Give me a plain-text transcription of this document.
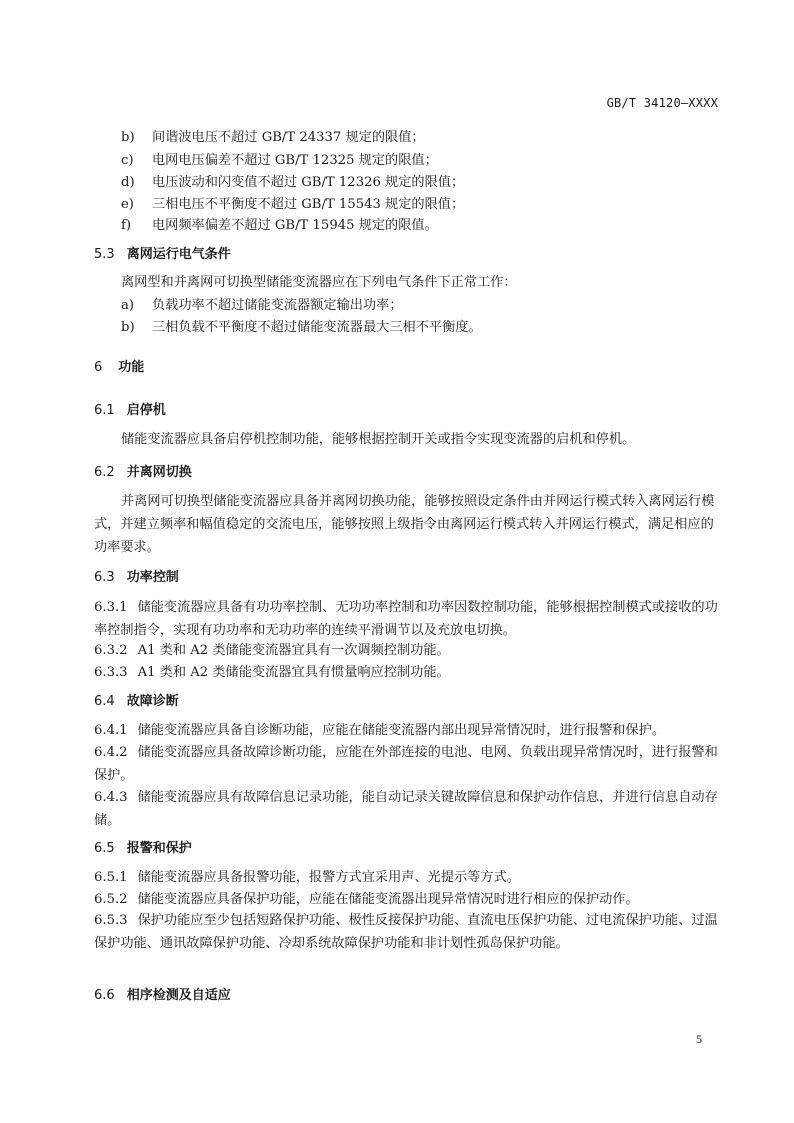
GB/T 34120—XXXX
b) 间谐波电压不超过 GB/T 24337 规定的限值；
c) 电网电压偏差不超过 GB/T 12325 规定的限值；
d) 电压波动和闪变值不超过 GB/T 12326 规定的限值；
e) 三相电压不平衡度不超过 GB/T 15543 规定的限值；
f) 电网频率偏差不超过 GB/T 15945 规定的限值。
5.3 离网运行电气条件
离网型和并离网可切换型储能变流器应在下列电气条件下正常工作：
a) 负载功率不超过储能变流器额定输出功率；
b) 三相负载不平衡度不超过储能变流器最大三相不平衡度。
6 功能
6.1 启停机
储能变流器应具备启停机控制功能，能够根据控制开关或指令实现变流器的启机和停机。
6.2 并离网切换
并离网可切换型储能变流器应具备并离网切换功能，能够按照设定条件由并网运行模式转入离网运行模式，并建立频率和幅值稳定的交流电压，能够按照上级指令由离网运行模式转入并网运行模式，满足相应的功率要求。
6.3 功率控制
6.3.1 储能变流器应具备有功功率控制、无功功率控制和功率因数控制功能，能够根据控制模式或接收的功率控制指令，实现有功功率和无功功率的连续平滑调节以及充放电切换。
6.3.2 A1 类和 A2 类储能变流器宜具有一次调频控制功能。
6.3.3 A1 类和 A2 类储能变流器宜具有惯量响应控制功能。
6.4 故障诊断
6.4.1 储能变流器应具备自诊断功能，应能在储能变流器内部出现异常情况时，进行报警和保护。
6.4.2 储能变流器应具备故障诊断功能，应能在外部连接的电池、电网、负载出现异常情况时，进行报警和保护。
6.4.3 储能变流器应具有故障信息记录功能，能自动记录关键故障信息和保护动作信息，并进行信息自动存储。
6.5 报警和保护
6.5.1 储能变流器应具备报警功能，报警方式宜采用声、光提示等方式。
6.5.2 储能变流器应具备保护功能，应能在储能变流器出现异常情况时进行相应的保护动作。
6.5.3 保护功能应至少包括短路保护功能、极性反接保护功能、直流电压保护功能、过电流保护功能、过温保护功能、通讯故障保护功能、冷却系统故障保护功能和非计划性孤岛保护功能。
6.6 相序检测及自适应
5
